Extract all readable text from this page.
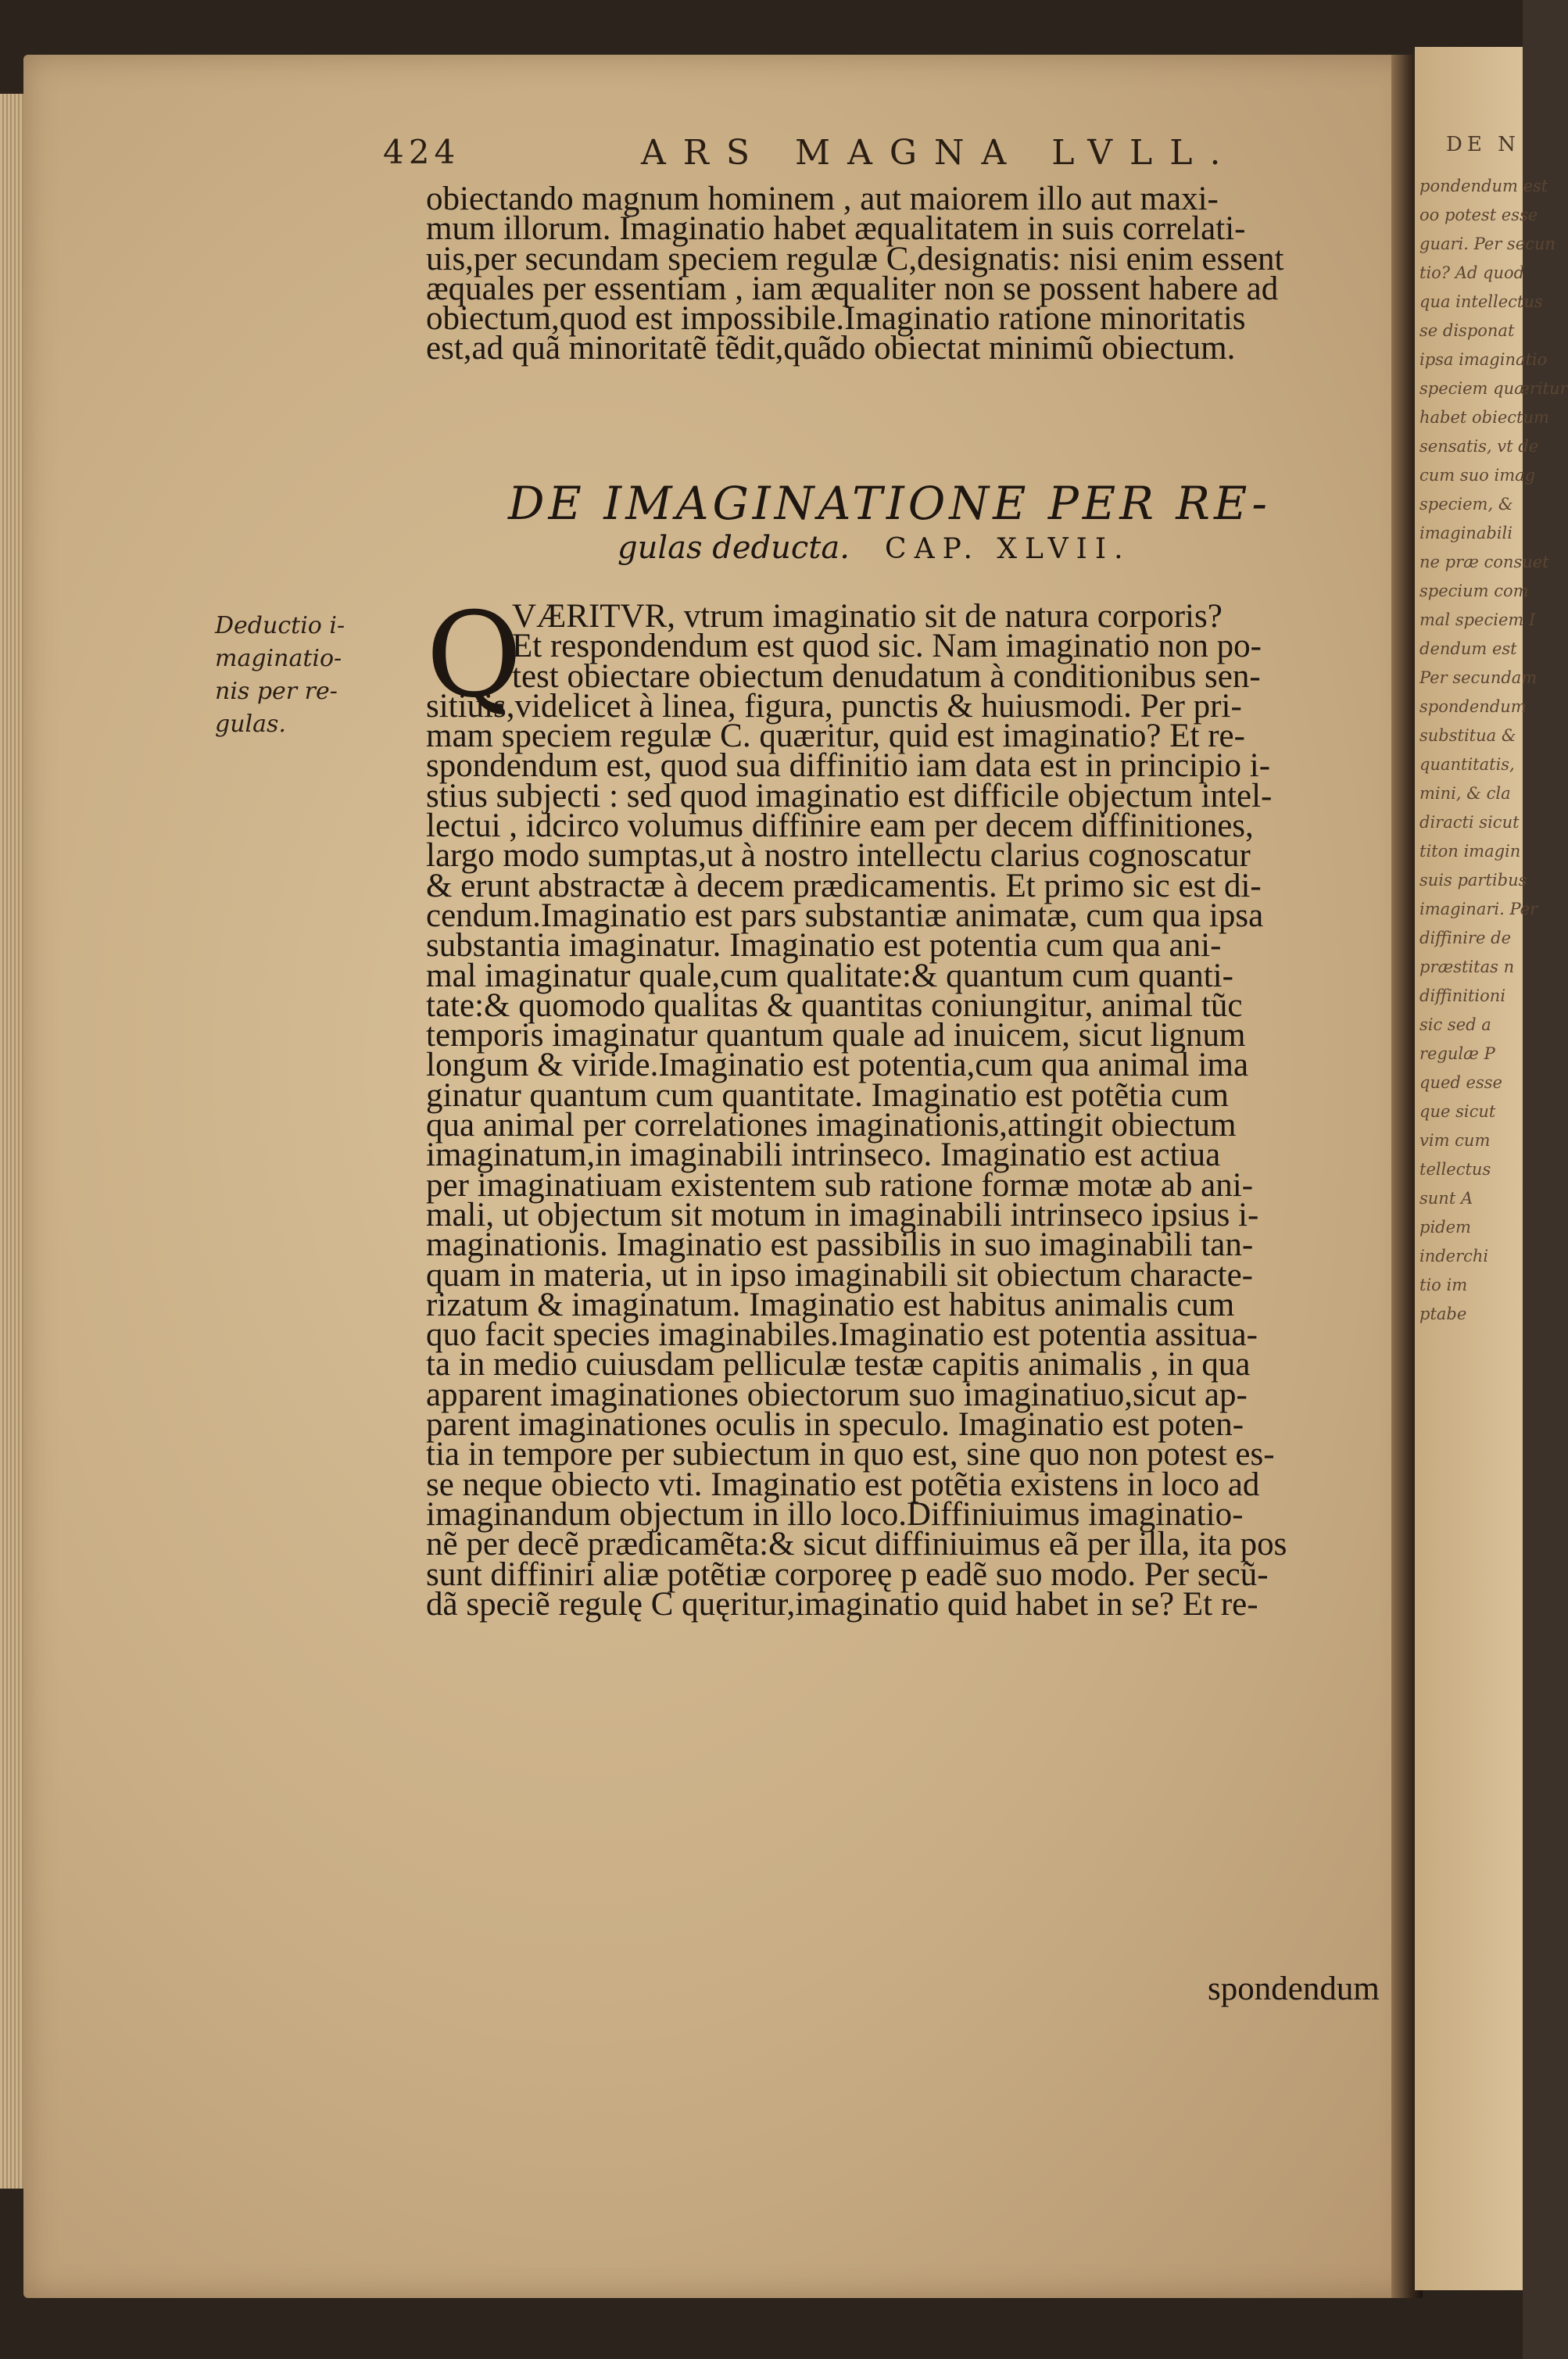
DE N
pondendum est
oo potest esse
guari. Per secun
tio? Ad quod
qua intellectus
se disponat
ipsa imaginatio
speciem quæritur
habet obiectum
sensatis, vt de
cum suo imag
speciem, &
imaginabili
ne præ consuet
specium com
mal speciem I
dendum est
Per secundam
spondendum
substitua &
quantitatis,
mini, & cla
diracti sicut
titon imagin
suis partibus
imaginari. Per
diffinire de
præstitas n
diffinitioni
sic sed a
regulæ P
qued esse
que sicut
vim cum
tellectus
sunt A
pidem
inderchi
tio im
ptabe
424	ARS MAGNA LVLL.
obiectando magnum hominem , aut maiorem illo aut maxi-
mum illorum. Imaginatio habet æqualitatem in suis correlati-
uis,per secundam speciem regulæ C,designatis: nisi enim essent
æquales per essentiam , iam æqualiter non se possent habere ad
obiectum,quod est impossibile.Imaginatio ratione minoritatis
est,ad quã minoritatẽ tẽdit,quãdo obiectat minimũ obiectum.
DE IMAGINATIONE PER RE-
gulas deducta. CAP. XLVII.
Deductio i-
maginatio-
nis per re-
gulas.
Q
VÆRITVR, vtrum imaginatio sit de natura corporis?
Et respondendum est quod sic. Nam imaginatio non po-
test obiectare obiectum denudatum à conditionibus sen-
sitiuis,videlicet à linea, figura, punctis & huiusmodi. Per pri-
mam speciem regulæ C. quæritur, quid est imaginatio? Et re-
spondendum est, quod sua diffinitio iam data est in principio i-
stius subjecti : sed quod imaginatio est difficile objectum intel-
lectui , idcirco volumus diffinire eam per decem diffinitiones,
largo modo sumptas,ut à nostro intellectu clarius cognoscatur
& erunt abstractæ à decem prædicamentis. Et primo sic est di-
cendum.Imaginatio est pars substantiæ animatæ, cum qua ipsa
substantia imaginatur. Imaginatio est potentia cum qua ani-
mal imaginatur quale,cum qualitate:& quantum cum quanti-
tate:& quomodo qualitas & quantitas coniungitur, animal tũc
temporis imaginatur quantum quale ad inuicem, sicut lignum
longum & viride.Imaginatio est potentia,cum qua animal ima
ginatur quantum cum quantitate. Imaginatio est potẽtia cum
qua animal per correlationes imaginationis,attingit obiectum
imaginatum,in imaginabili intrinseco. Imaginatio est actiua
per imaginatiuam existentem sub ratione formæ motæ ab ani-
mali, ut objectum sit motum in imaginabili intrinseco ipsius i-
maginationis. Imaginatio est passibilis in suo imaginabili tan-
quam in materia, ut in ipso imaginabili sit obiectum characte-
rizatum & imaginatum. Imaginatio est habitus animalis cum
quo facit species imaginabiles.Imaginatio est potentia assitua-
ta in medio cuiusdam pelliculæ testæ capitis animalis , in qua
apparent imaginationes obiectorum suo imaginatiuo,sicut ap-
parent imaginationes oculis in speculo. Imaginatio est poten-
tia in tempore per subiectum in quo est, sine quo non potest es-
se neque obiecto vti. Imaginatio est potẽtia existens in loco ad
imaginandum objectum in illo loco.Diffiniuimus imaginatio-
nẽ per decẽ prædicamẽta:& sicut diffiniuimus eã per illa, ita pos
sunt diffiniri aliæ potẽtiæ corporeę p eadẽ suo modo. Per secũ-
dã speciẽ regulę C quęritur,imaginatio quid habet in se? Et re-
spondendum
